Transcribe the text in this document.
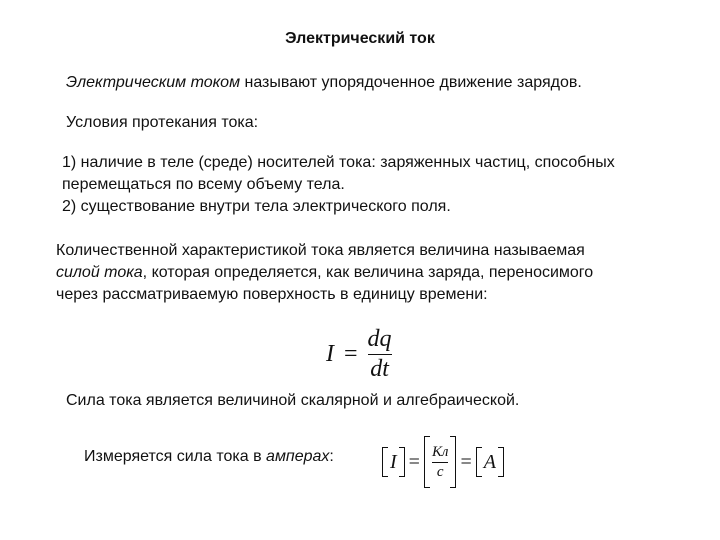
Электрический ток
Электрическим током называют упорядоченное движение зарядов.
Условия протекания тока:
1) наличие в теле (среде) носителей тока: заряженных частиц, способных
перемещаться по всему объему тела.
2) существование внутри тела электрического поля.
Количественной характеристикой тока является величина называемая
силой тока, которая определяется, как величина заряда, переносимого
через рассматриваемую поверхность в единицу времени:
$I = \frac{dq}{dt}$
Сила тока является величиной скалярной и алгебраической.
Измеряется сила тока в амперах:	$I = \frac{Кл}{с} = A$
